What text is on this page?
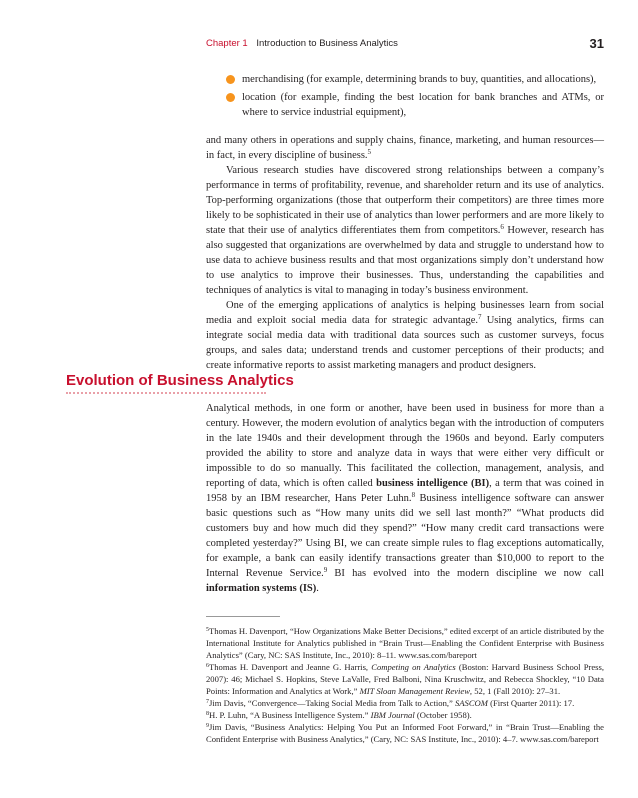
Chapter 1 Introduction to Business Analytics	31
merchandising (for example, determining brands to buy, quantities, and allocations),
location (for example, finding the best location for bank branches and ATMs, or where to service industrial equipment),

and many others in operations and supply chains, finance, marketing, and human resources—in fact, in every discipline of business.$^5$

Various research studies have discovered strong relationships between a company’s performance in terms of profitability, revenue, and shareholder return and its use of analytics. Top-performing organizations (those that outperform their competitors) are three times more likely to be sophisticated in their use of analytics than lower performers and are more likely to state that their use of analytics differentiates them from competitors.$^6$ However, research has also suggested that organizations are overwhelmed by data and struggle to understand how to use data to achieve business results and that most organizations simply don’t understand how to use analytics to improve their businesses. Thus, understanding the capabilities and techniques of analytics is vital to managing in today’s business environment.

One of the emerging applications of analytics is helping businesses learn from social media and exploit social media data for strategic advantage.$^7$ Using analytics, firms can integrate social media data with traditional data sources such as customer surveys, focus groups, and sales data; understand trends and customer perceptions of their products; and create informative reports to assist marketing managers and product designers.

Evolution of Business Analytics

Analytical methods, in one form or another, have been used in business for more than a century. However, the modern evolution of analytics began with the introduction of computers in the late 1940s and their development through the 1960s and beyond. Early computers provided the ability to store and analyze data in ways that were either very difficult or impossible to do so manually. This facilitated the collection, management, analysis, and reporting of data, which is often called business intelligence (BI), a term that was coined in 1958 by an IBM researcher, Hans Peter Luhn.$^8$ Business intelligence software can answer basic questions such as “How many units did we sell last month?” “What products did customers buy and how much did they spend?” “How many credit card transactions were completed yesterday?” Using BI, we can create simple rules to flag exceptions automatically, for example, a bank can easily identify transactions greater than $10,000 to report to the Internal Revenue Service.$^9$ BI has evolved into the modern discipline we now call information systems (IS).

$^5$Thomas H. Davenport, “How Organizations Make Better Decisions,” edited excerpt of an article distributed by the International Institute for Analytics published in “Brain Trust—Enabling the Confident Enterprise with Business Analytics” (Cary, NC: SAS Institute, Inc., 2010): 8–11. www.sas.com/bareport

$^6$Thomas H. Davenport and Jeanne G. Harris, Competing on Analytics (Boston: Harvard Business School Press, 2007): 46; Michael S. Hopkins, Steve LaValle, Fred Balboni, Nina Kruschwitz, and Rebecca Shockley, “10 Data Points: Information and Analytics at Work,” MIT Sloan Management Review, 52, 1 (Fall 2010): 27–31.

$^7$Jim Davis, “Convergence—Taking Social Media from Talk to Action,” SASCOM (First Quarter 2011): 17.

$^8$H. P. Luhn, “A Business Intelligence System.” IBM Journal (October 1958).

$^9$Jim Davis, “Business Analytics: Helping You Put an Informed Foot Forward,” in “Brain Trust—Enabling the Confident Enterprise with Business Analytics,” (Cary, NC: SAS Institute, Inc., 2010): 4–7. www.sas.com/bareport
